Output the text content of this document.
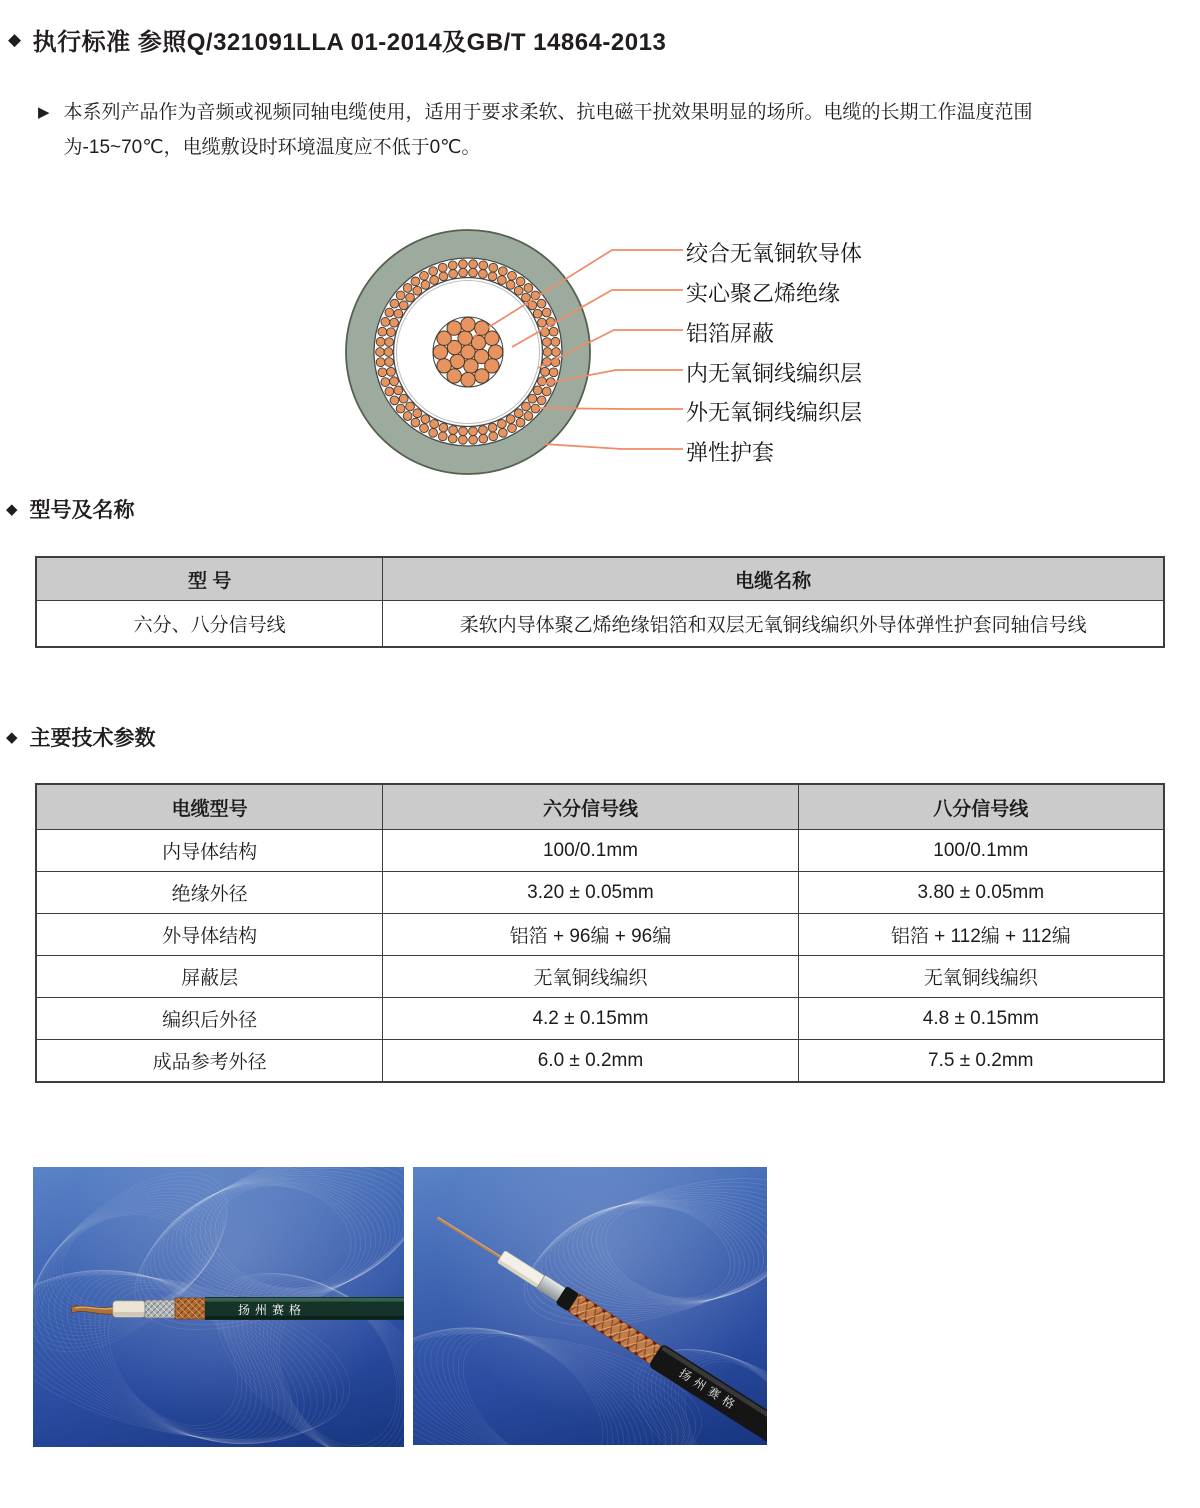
◆ 执行标准 参照Q/321091LLA 01-2014及GB/T 14864-2013
▶ 本系列产品作为音频或视频同轴电缆使用，适用于要求柔软、抗电磁干扰效果明显的场所。电缆的长期工作温度范围为-15~70℃，电缆敷设时环境温度应不低于0℃。

绞合无氧铜软导体
实心聚乙烯绝缘
铝箔屏蔽
内无氧铜线编织层
外无氧铜线编织层
弹性护套
◆ 型号及名称
型 号	电缆名称
六分、八分信号线	柔软内导体聚乙烯绝缘铝箔和双层无氧铜线编织外导体弹性护套同轴信号线
◆ 主要技术参数
电缆型号	六分信号线	八分信号线
内导体结构	100/0.1mm	100/0.1mm
绝缘外径	3.20 ± 0.05mm	3.80 ± 0.05mm
外导体结构	铝箔 + 96编 + 96编	铝箔 + 112编 + 112编
屏蔽层	无氧铜线编织	无氧铜线编织
编织后外径	4.2 ± 0.15mm	4.8 ± 0.15mm
成品参考外径	6.0 ± 0.2mm	7.5 ± 0.2mm
扬州赛格
扬州赛格
